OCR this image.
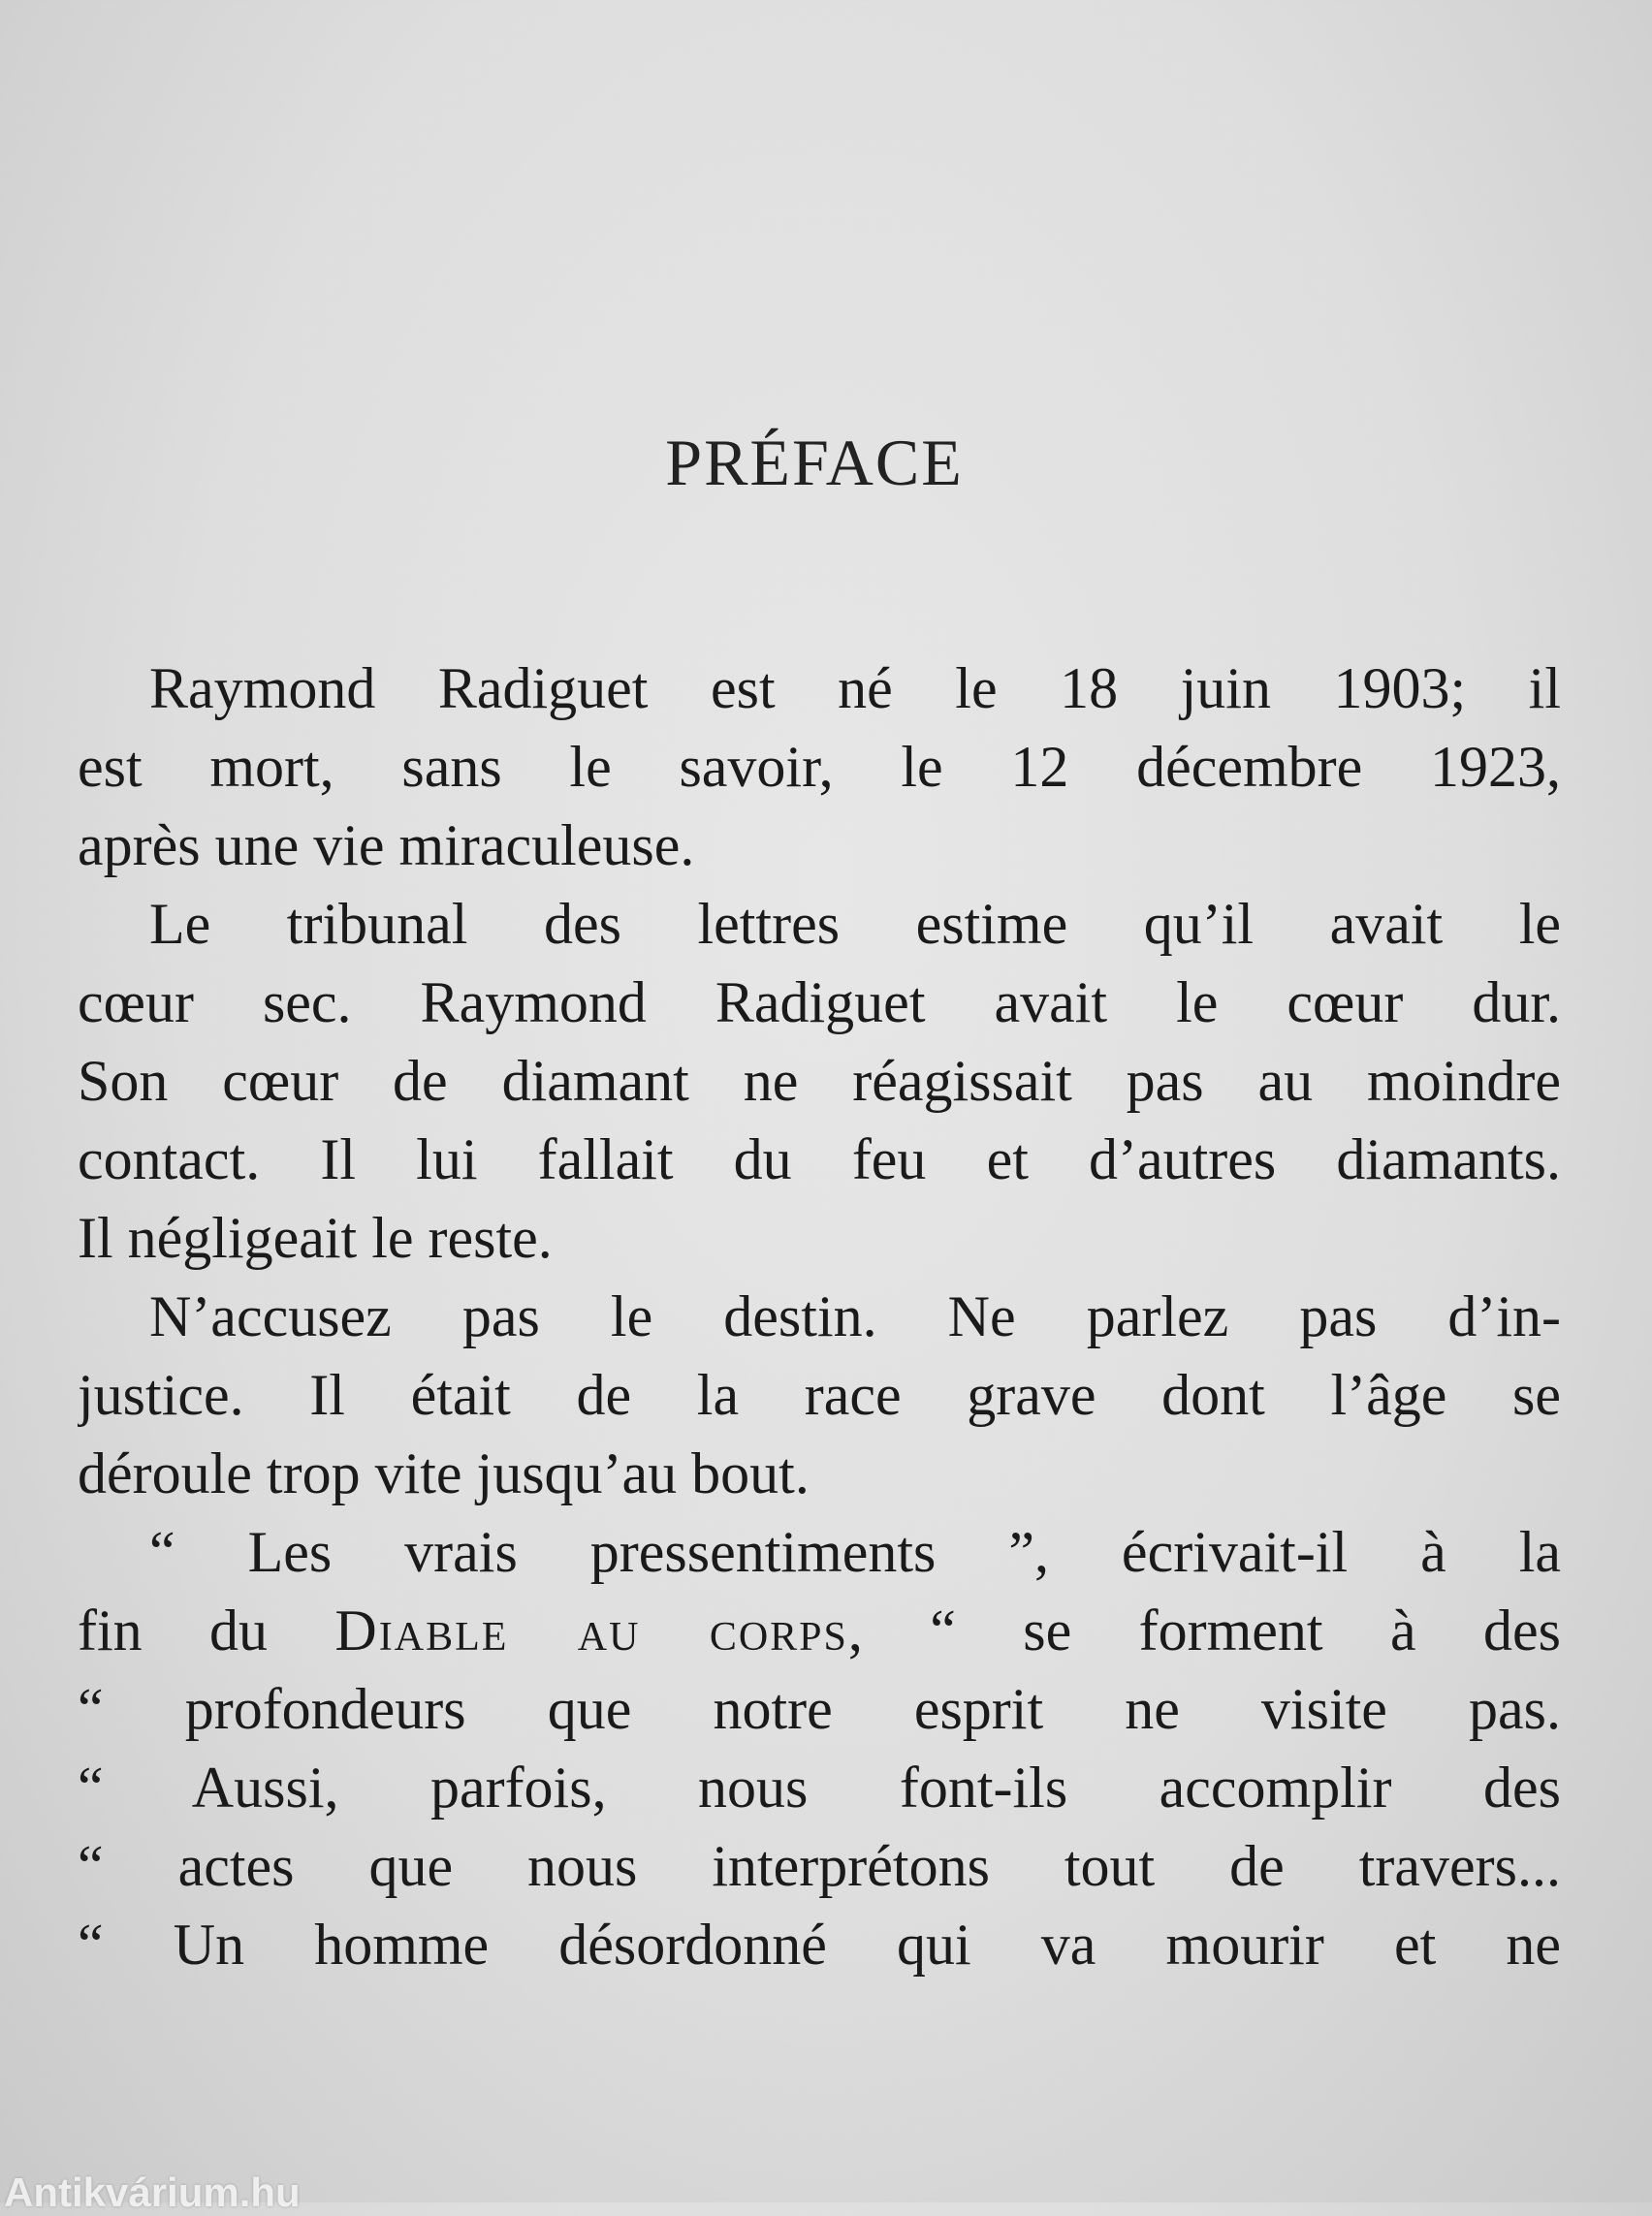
PRÉFACE
Raymond Radiguet est né le 18 juin 1903; il
est mort, sans le savoir, le 12 décembre 1923,
après une vie miraculeuse.
Le tribunal des lettres estime qu’il avait le
cœur sec. Raymond Radiguet avait le cœur dur.
Son cœur de diamant ne réagissait pas au moindre
contact. Il lui fallait du feu et d’autres diamants.
Il négligeait le reste.
N’accusez pas le destin. Ne parlez pas d’in-
justice. Il était de la race grave dont l’âge se
déroule trop vite jusqu’au bout.
“ Les vrais pressentiments ”, écrivait-il à la
fin du Diable au corps, “ se forment à des
“ profondeurs que notre esprit ne visite pas.
“ Aussi, parfois, nous font-ils accomplir des
“ actes que nous interprétons tout de travers...
“ Un homme désordonné qui va mourir et ne
Antikvárium.hu
